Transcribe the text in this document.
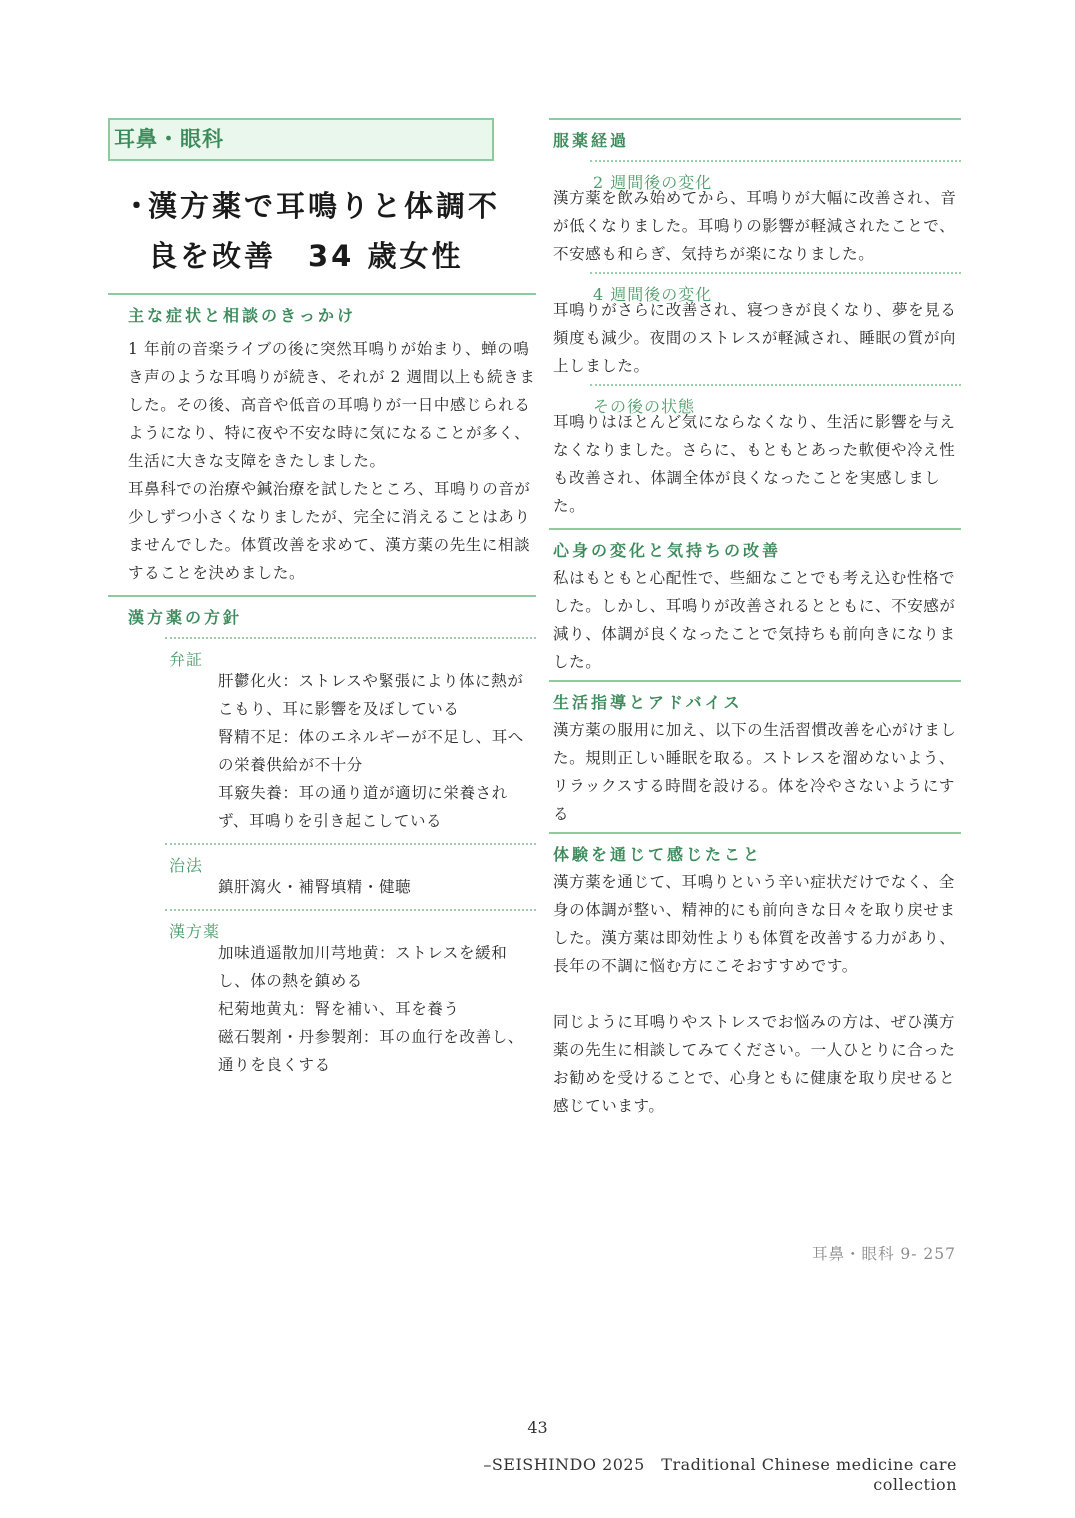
耳鼻・眼科
・漢方薬で耳鳴りと体調不
良を改善　34 歳女性
主な症状と相談のきっかけ

1 年前の音楽ライブの後に突然耳鳴りが始まり、蝉の鳴き声のような耳鳴りが続き、それが 2 週間以上も続きました。その後、高音や低音の耳鳴りが一日中感じられるようになり、特に夜や不安な時に気になることが多く、生活に大きな支障をきたしました。
耳鼻科での治療や鍼治療を試したところ、耳鳴りの音が少しずつ小さくなりましたが、完全に消えることはありませんでした。体質改善を求めて、漢方薬の先生に相談することを決めました。

漢方薬の方針
弁証
肝鬱化火：ストレスや緊張により体に熱がこもり、耳に影響を及ぼしている
腎精不足：体のエネルギーが不足し、耳への栄養供給が不十分
耳竅失養：耳の通り道が適切に栄養されず、耳鳴りを引き起こしている
治法
鎮肝瀉火・補腎填精・健聴
漢方薬
加味逍遥散加川芎地黄：ストレスを緩和し、体の熱を鎮める
杞菊地黄丸：腎を補い、耳を養う
磁石製剤・丹参製剤：耳の血行を改善し、通りを良くする
服薬経過
2 週間後の変化
漢方薬を飲み始めてから、耳鳴りが大幅に改善され、音が低くなりました。耳鳴りの影響が軽減されたことで、不安感も和らぎ、気持ちが楽になりました。
4 週間後の変化
耳鳴りがさらに改善され、寝つきが良くなり、夢を見る頻度も減少。夜間のストレスが軽減され、睡眠の質が向上しました。
その後の状態
耳鳴りはほとんど気にならなくなり、生活に影響を与えなくなりました。さらに、もともとあった軟便や冷え性も改善され、体調全体が良くなったことを実感しました。
心身の変化と気持ちの改善

私はもともと心配性で、些細なことでも考え込む性格でした。しかし、耳鳴りが改善されるとともに、不安感が減り、体調が良くなったことで気持ちも前向きになりました。

生活指導とアドバイス

漢方薬の服用に加え、以下の生活習慣改善を心がけました。規則正しい睡眠を取る。ストレスを溜めないよう、リラックスする時間を設ける。体を冷やさないようにする

体験を通じて感じたこと

漢方薬を通じて、耳鳴りという辛い症状だけでなく、全身の体調が整い、精神的にも前向きな日々を取り戻せました。漢方薬は即効性よりも体質を改善する力があり、長年の不調に悩む方にこそおすすめです。

同じように耳鳴りやストレスでお悩みの方は、ぜひ漢方薬の先生に相談してみてください。一人ひとりに合ったお勧めを受けることで、心身ともに健康を取り戻せると感じています。

耳鼻・眼科 9- 257
43
–SEISHINDO 2025　Traditional Chinese medicine care collection
